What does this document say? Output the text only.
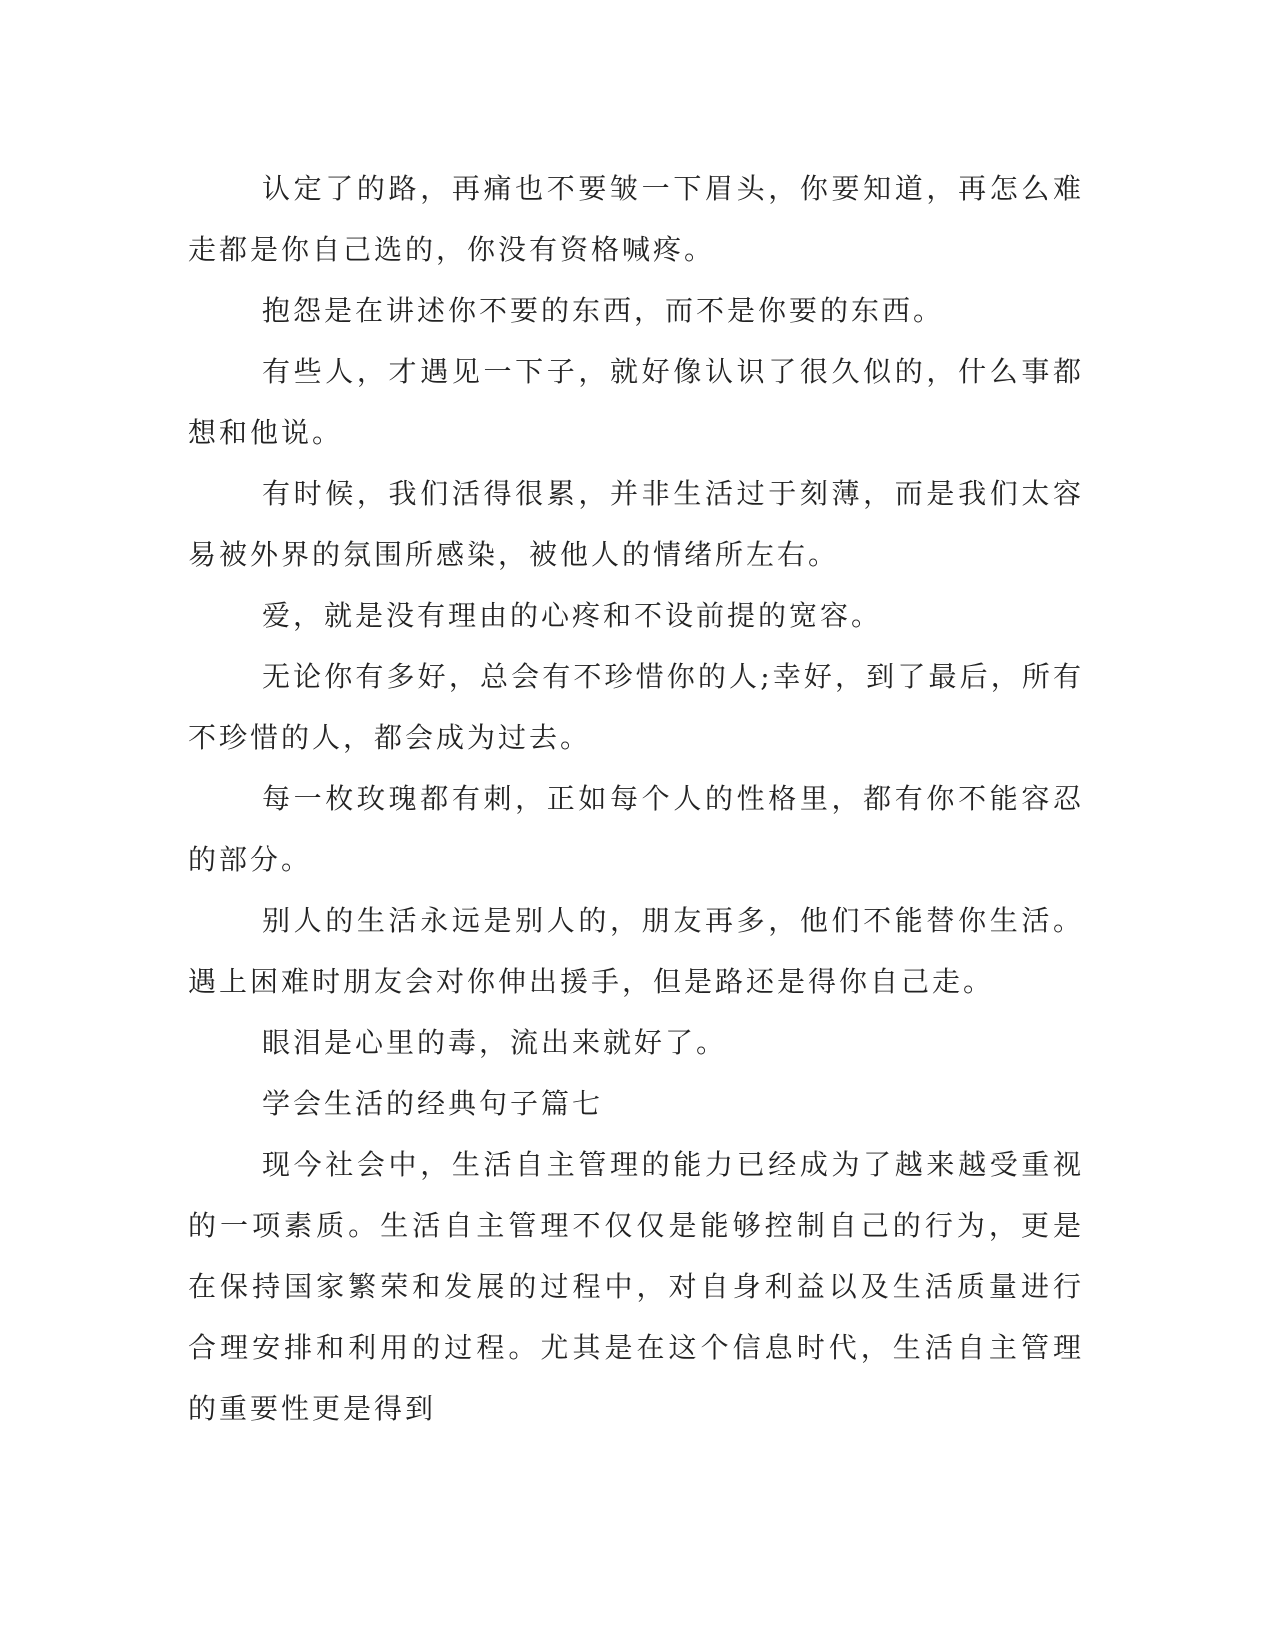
认定了的路，再痛也不要皱一下眉头，你要知道，再怎么难走都是你自己选的，你没有资格喊疼。

抱怨是在讲述你不要的东西，而不是你要的东西。

有些人，才遇见一下子，就好像认识了很久似的，什么事都想和他说。

有时候，我们活得很累，并非生活过于刻薄，而是我们太容易被外界的氛围所感染，被他人的情绪所左右。

爱，就是没有理由的心疼和不设前提的宽容。

无论你有多好，总会有不珍惜你的人;幸好，到了最后，所有不珍惜的人，都会成为过去。

每一枚玫瑰都有刺，正如每个人的性格里，都有你不能容忍的部分。

别人的生活永远是别人的，朋友再多，他们不能替你生活。遇上困难时朋友会对你伸出援手，但是路还是得你自己走。

眼泪是心里的毒，流出来就好了。

学会生活的经典句子篇七

现今社会中，生活自主管理的能力已经成为了越来越受重视的一项素质。生活自主管理不仅仅是能够控制自己的行为，更是在保持国家繁荣和发展的过程中，对自身利益以及生活质量进行合理安排和利用的过程。尤其是在这个信息时代，生活自主管理的重要性更是得到
